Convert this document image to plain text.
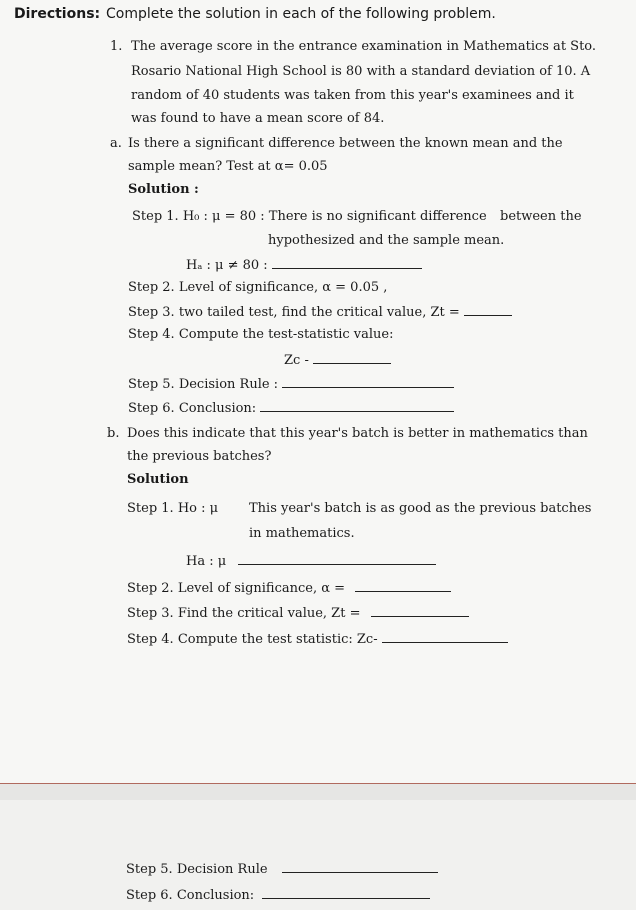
Directions: Complete the solution in each of the following problem.
1. The average score in the entrance examination in Mathematics at Sto.
Rosario National High School is 80 with a standard deviation of 10. A
random of 40 students was taken from this year's examinees and it
was found to have a mean score of 84.
a. Is there a significant difference between the known mean and the
sample mean? Test at α= 0.05
Solution :
Step 1. H₀ : μ = 80 : There is no significant difference between the
hypothesized and the sample mean.
Hₐ : μ ≠ 80 :
Step 2. Level of significance, α = 0.05 ,
Step 3. two tailed test, find the critical value, Zt =
Step 4. Compute the test-statistic value:
Zc -
Step 5. Decision Rule :
Step 6. Conclusion:
b. Does this indicate that this year's batch is better in mathematics than
the previous batches?
Solution
Step 1. Ho : μ This year's batch is as good as the previous batches
in mathematics.
Ha : μ
Step 2. Level of significance, α =
Step 3. Find the critical value, Zt =
Step 4. Compute the test statistic: Zc-
Step 5. Decision Rule
Step 6. Conclusion:
